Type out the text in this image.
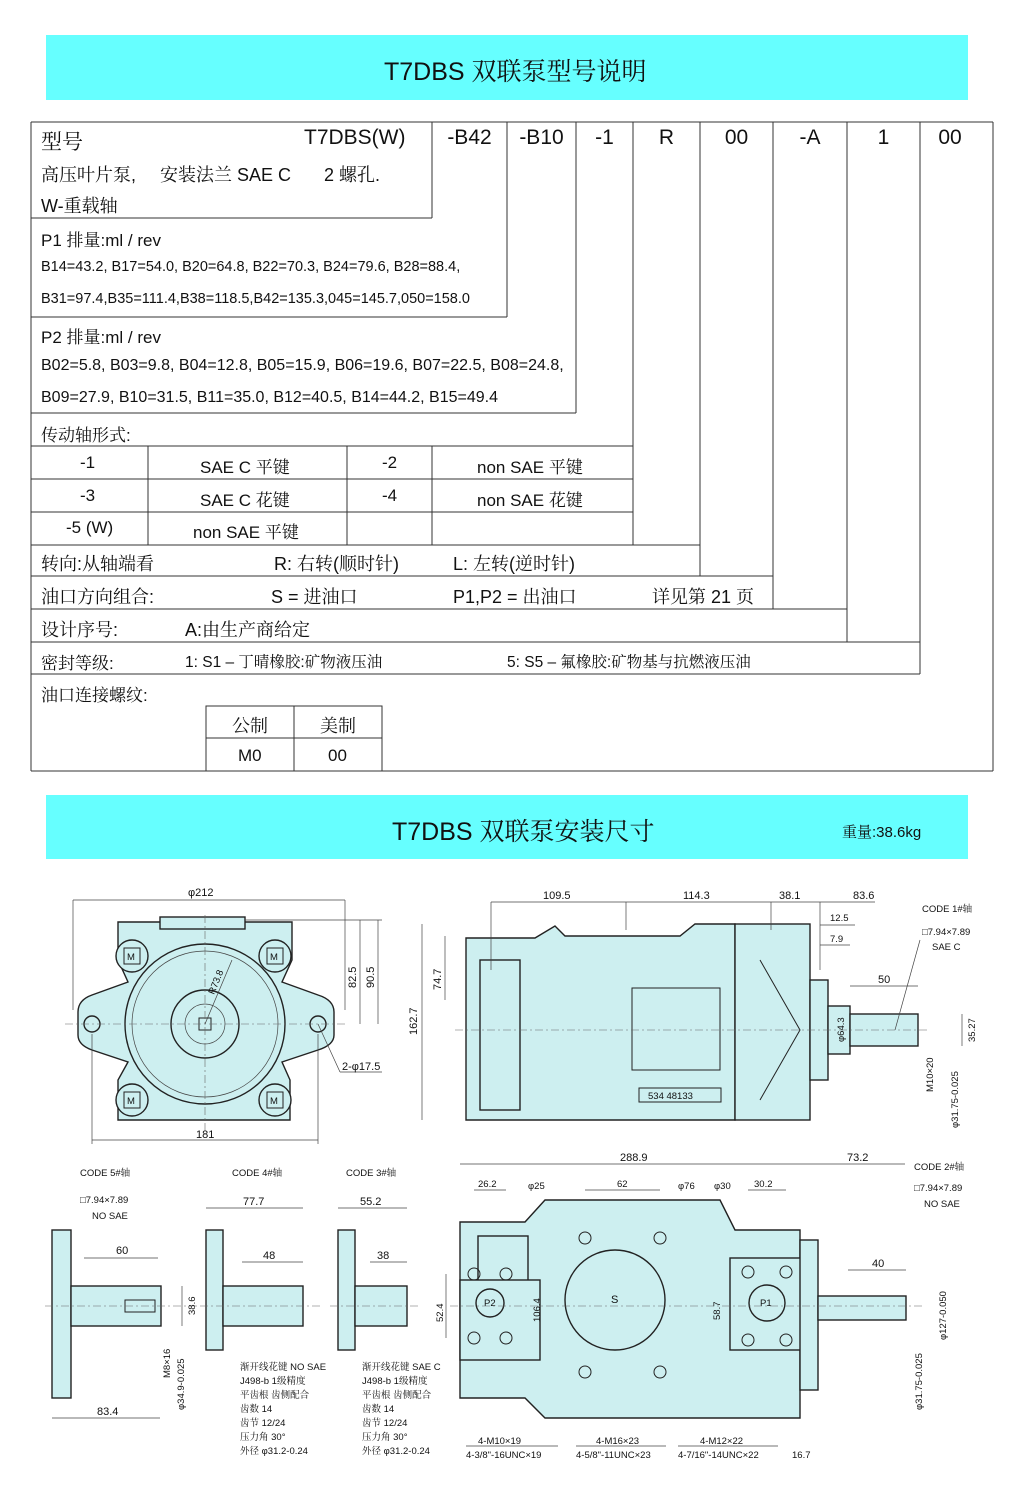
T7DBS 双联泵型号说明
型号	T7DBS(W)	-B42	-B10	-1	R	00	-A	1	00
高压叶片泵, 安装法兰 SAE C 2 螺孔.
W-重载轴
P1 排量:ml / rev
B14=43.2, B17=54.0, B20=64.8, B22=70.3, B24=79.6, B28=88.4,
B31=97.4,B35=111.4,B38=118.5,B42=135.3,045=145.7,050=158.0
P2 排量:ml / rev
B02=5.8, B03=9.8, B04=12.8, B05=15.9, B06=19.6, B07=22.5, B08=24.8,
B09=27.9, B10=31.5, B11=35.0, B12=40.5, B14=44.2, B15=49.4
传动轴形式:
-1	SAE C 平键	-2	non SAE 平键
-3	SAE C 花键	-4	non SAE 花键
-5 (W)	non SAE 平键
转向:从轴端看	R: 右转(顺时针)	L: 左转(逆时针)
油口方向组合:	S = 进油口	P1,P2 = 出油口	详见第 21 页
设计序号:	A:由生产商给定
密封等级:	1: S1 – 丁晴橡胶:矿物液压油	5: S5 – 氟橡胶:矿物基与抗燃液压油
油口连接螺纹:
公制	美制
M0	00
T7DBS 双联泵安装尺寸	重量:38.6kg
M	M
M	M
φ212
181
82.5 90.5
R73.8
2-φ17.5
534 48133
109.5	114.3	38.1	83.6
12.5
7.9
50
74.7
162.7	φ64.3	35.27
M10×20 φ31.75-0.025
CODE 1#轴
□7.94×7.89
SAE C
CODE 5#轴
□7.94×7.89
NO SAE
60
38.6
M8×16 φ34.9-0.025
83.4
CODE 4#轴
77.7
48
CODE 3#轴
55.2
38
渐开线花键 NO SAE
J498-b 1级精度
平齿根 齿侧配合
齿数 14
齿节 12/24
压力角 30°
外径 φ31.2-0.24
渐开线花键 SAE C
J498-b 1级精度
平齿根 齿侧配合
齿数 14
齿节 12/24
压力角 30°
外径 φ31.2-0.24
P2	S	P1
288.9	73.2
26.2	φ25	62	φ76 φ30 30.2
52.4	106.4	58.7
CODE 2#轴
□7.94×7.89
NO SAE
40
φ127-0.050
φ31.75-0.025
4-M10×19
4-3/8"-16UNC×19
4-M16×23
4-5/8"-11UNC×23
4-M12×22
4-7/16"-14UNC×22	16.7
